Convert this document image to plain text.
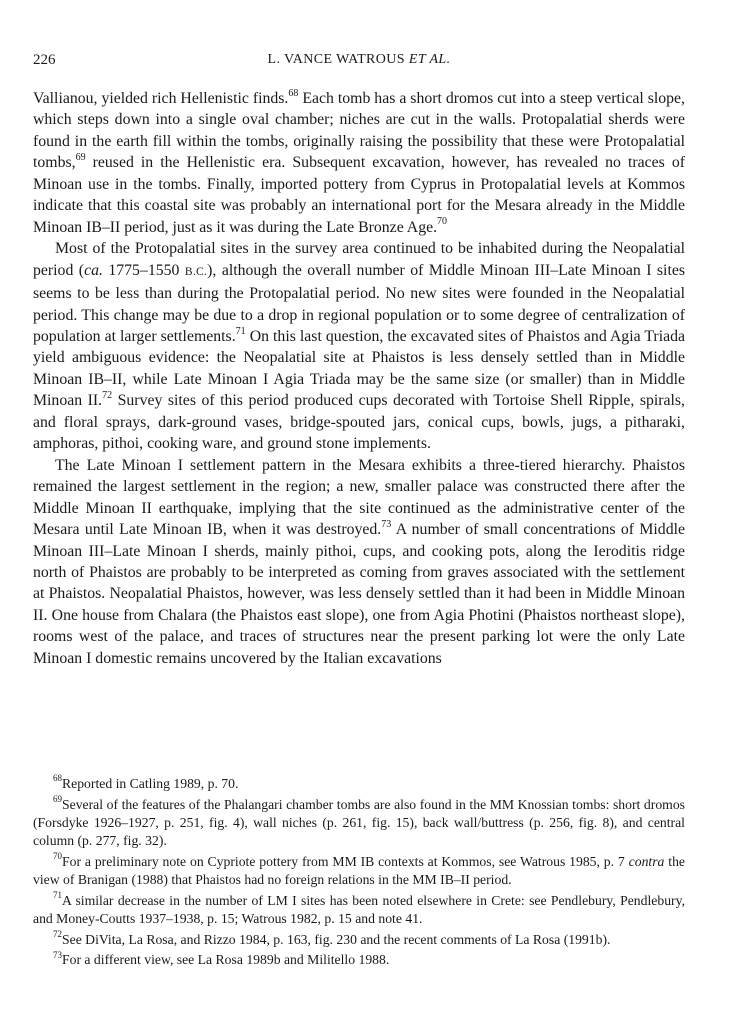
226	L. VANCE WATROUS ET AL.

Vallianou, yielded rich Hellenistic finds.$^{68}$ Each tomb has a short dromos cut into a steep vertical slope, which steps down into a single oval chamber; niches are cut in the walls. Protopalatial sherds were found in the earth fill within the tombs, originally raising the possibility that these were Protopalatial tombs,$^{69}$ reused in the Hellenistic era. Subsequent excavation, however, has revealed no traces of Minoan use in the tombs. Finally, imported pottery from Cyprus in Protopalatial levels at Kommos indicate that this coastal site was probably an international port for the Mesara already in the Middle Minoan IB–II period, just as it was during the Late Bronze Age.$^{70}$

Most of the Protopalatial sites in the survey area continued to be inhabited during the Neopalatial period (ca. 1775–1550 B.C.), although the overall number of Middle Minoan III–Late Minoan I sites seems to be less than during the Protopalatial period. No new sites were founded in the Neopalatial period. This change may be due to a drop in regional population or to some degree of centralization of population at larger settlements.$^{71}$ On this last question, the excavated sites of Phaistos and Agia Triada yield ambiguous evidence: the Neopalatial site at Phaistos is less densely settled than in Middle Minoan IB–II, while Late Minoan I Agia Triada may be the same size (or smaller) than in Middle Minoan II.$^{72}$ Survey sites of this period produced cups decorated with Tortoise Shell Ripple, spirals, and floral sprays, dark-ground vases, bridge-spouted jars, conical cups, bowls, jugs, a pitharaki, amphoras, pithoi, cooking ware, and ground stone implements.

The Late Minoan I settlement pattern in the Mesara exhibits a three-tiered hierarchy. Phaistos remained the largest settlement in the region; a new, smaller palace was constructed there after the Middle Minoan II earthquake, implying that the site continued as the administrative center of the Mesara until Late Minoan IB, when it was destroyed.$^{73}$ A number of small concentrations of Middle Minoan III–Late Minoan I sherds, mainly pithoi, cups, and cooking pots, along the Ieroditis ridge north of Phaistos are probably to be interpreted as coming from graves associated with the settlement at Phaistos. Neopalatial Phaistos, however, was less densely settled than it had been in Middle Minoan II. One house from Chalara (the Phaistos east slope), one from Agia Photini (Phaistos northeast slope), rooms west of the palace, and traces of structures near the present parking lot were the only Late Minoan I domestic remains uncovered by the Italian excavations

$^{68}$Reported in Catling 1989, p. 70.

$^{69}$Several of the features of the Phalangari chamber tombs are also found in the MM Knossian tombs: short dromos (Forsdyke 1926–1927, p. 251, fig. 4), wall niches (p. 261, fig. 15), back wall/buttress (p. 256, fig. 8), and central column (p. 277, fig. 32).

$^{70}$For a preliminary note on Cypriote pottery from MM IB contexts at Kommos, see Watrous 1985, p. 7 contra the view of Branigan (1988) that Phaistos had no foreign relations in the MM IB–II period.

$^{71}$A similar decrease in the number of LM I sites has been noted elsewhere in Crete: see Pendlebury, Pendlebury, and Money-Coutts 1937–1938, p. 15; Watrous 1982, p. 15 and note 41.

$^{72}$See DiVita, La Rosa, and Rizzo 1984, p. 163, fig. 230 and the recent comments of La Rosa (1991b).

$^{73}$For a different view, see La Rosa 1989b and Militello 1988.
